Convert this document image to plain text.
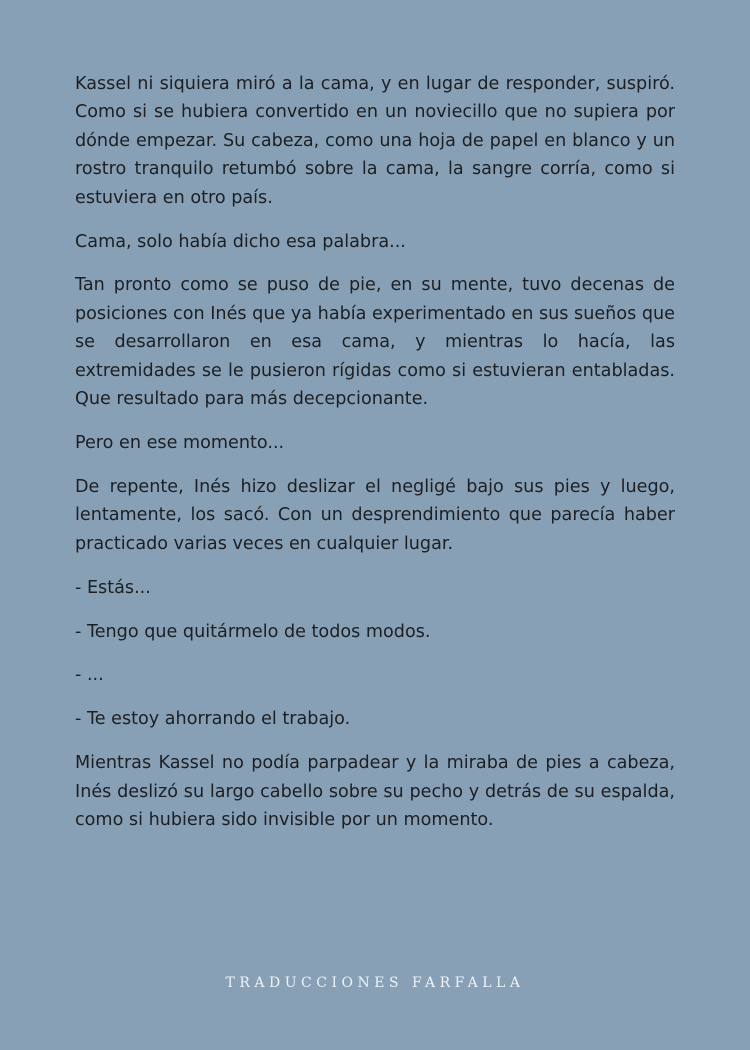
Kassel ni siquiera miró a la cama, y en lugar de responder, suspiró. Como si se hubiera convertido en un noviecillo que no supiera por dónde empezar. Su cabeza, como una hoja de papel en blanco y un rostro tranquilo retumbó sobre la cama, la sangre corría, como si estuviera en otro país.

Cama, solo había dicho esa palabra...

Tan pronto como se puso de pie, en su mente, tuvo decenas de posiciones con Inés que ya había experimentado en sus sueños que se desarrollaron en esa cama, y mientras lo hacía, las extremidades se le pusieron rígidas como si estuvieran entabladas. Que resultado para más decepcionante.

Pero en ese momento...

De repente, Inés hizo deslizar el negligé bajo sus pies y luego, lentamente, los sacó. Con un desprendimiento que parecía haber practicado varias veces en cualquier lugar.

- Estás...

- Tengo que quitármelo de todos modos.

- ...

- Te estoy ahorrando el trabajo.

Mientras Kassel no podía parpadear y la miraba de pies a cabeza, Inés deslizó su largo cabello sobre su pecho y detrás de su espalda, como si hubiera sido invisible por un momento.

TRADUCCIONES FARFALLA
